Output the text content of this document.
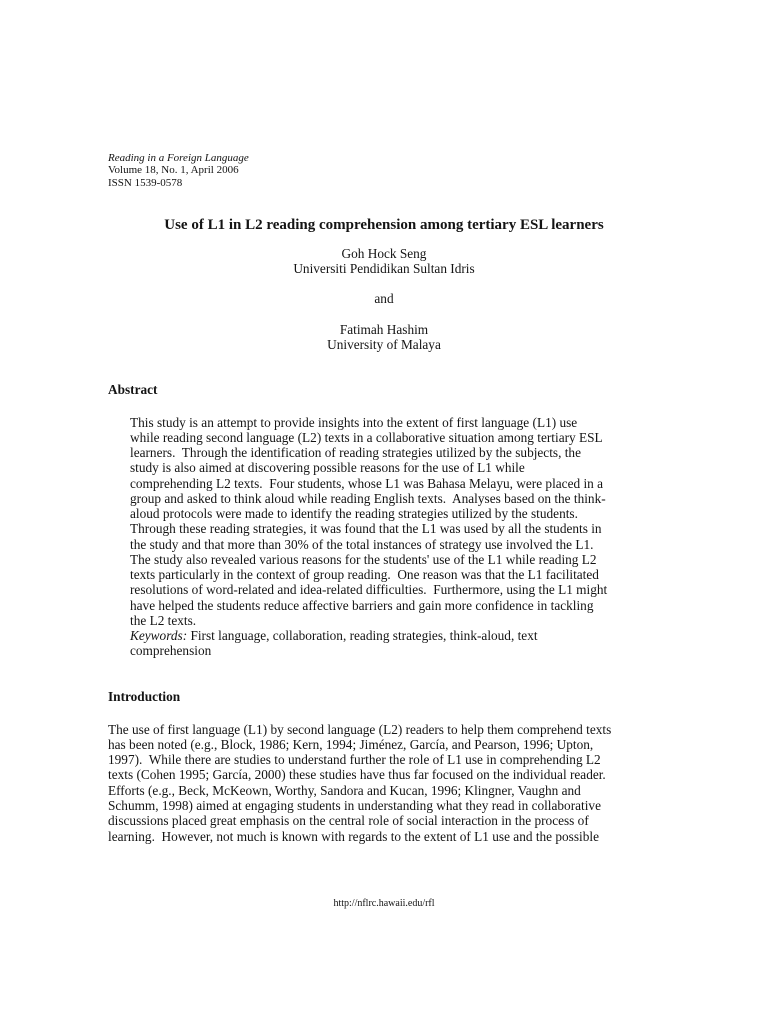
Reading in a Foreign Language
Volume 18, No. 1, April 2006
ISSN 1539-0578
Use of L1 in L2 reading comprehension among tertiary ESL learners
Goh Hock Seng
Universiti Pendidikan Sultan Idris
and
Fatimah Hashim
University of Malaya
Abstract
This study is an attempt to provide insights into the extent of first language (L1) use
while reading second language (L2) texts in a collaborative situation among tertiary ESL
learners.  Through the identification of reading strategies utilized by the subjects, the
study is also aimed at discovering possible reasons for the use of L1 while
comprehending L2 texts.  Four students, whose L1 was Bahasa Melayu, were placed in a
group and asked to think aloud while reading English texts.  Analyses based on the think-
aloud protocols were made to identify the reading strategies utilized by the students.
Through these reading strategies, it was found that the L1 was used by all the students in
the study and that more than 30% of the total instances of strategy use involved the L1.
The study also revealed various reasons for the students' use of the L1 while reading L2
texts particularly in the context of group reading.  One reason was that the L1 facilitated
resolutions of word-related and idea-related difficulties.  Furthermore, using the L1 might
have helped the students reduce affective barriers and gain more confidence in tackling
the L2 texts.
Keywords: First language, collaboration, reading strategies, think-aloud, text
comprehension
Introduction
The use of first language (L1) by second language (L2) readers to help them comprehend texts
has been noted (e.g., Block, 1986; Kern, 1994; Jiménez, García, and Pearson, 1996; Upton,
1997).  While there are studies to understand further the role of L1 use in comprehending L2
texts (Cohen 1995; García, 2000) these studies have thus far focused on the individual reader.
Efforts (e.g., Beck, McKeown, Worthy, Sandora and Kucan, 1996; Klingner, Vaughn and
Schumm, 1998) aimed at engaging students in understanding what they read in collaborative
discussions placed great emphasis on the central role of social interaction in the process of
learning.  However, not much is known with regards to the extent of L1 use and the possible
http://nflrc.hawaii.edu/rfl
